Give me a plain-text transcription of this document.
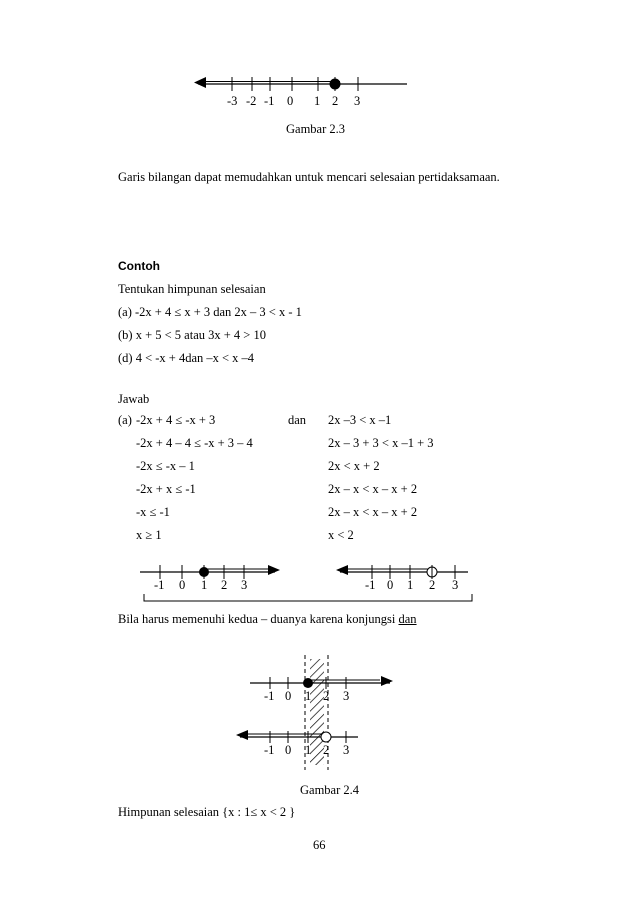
-3 -2 -1 0 1 2 3
Gambar 2.3
Garis bilangan dapat memudahkan untuk mencari selesaian pertidaksamaan.
Contoh
Tentukan himpunan selesaian
(a) -2x + 4 ≤ x + 3 dan 2x – 3 < x - 1
(b) x + 5 < 5 atau 3x + 4 > 10
(d) 4 < -x + 4dan –x < x –4
Jawab
(a)	dan
-2x + 4 ≤ -x + 3
-2x + 4 – 4 ≤ -x + 3 – 4
-2x ≤ -x – 1
-2x + x ≤ -1
-x ≤ -1
x ≥ 1
2x –3 < x –1
2x – 3 + 3 < x –1 + 3
2x < x + 2
2x – x < x – x + 2
2x – x < x – x + 2
x < 2
-1 0 1 2 3	-1 0 1 2 3
Bila harus memenuhi kedua – duanya karena konjungsi dan
-1 0 1 2 3
-1 0 1 2 3
Gambar 2.4
Himpunan selesaian {x : 1≤ x < 2 }
66
